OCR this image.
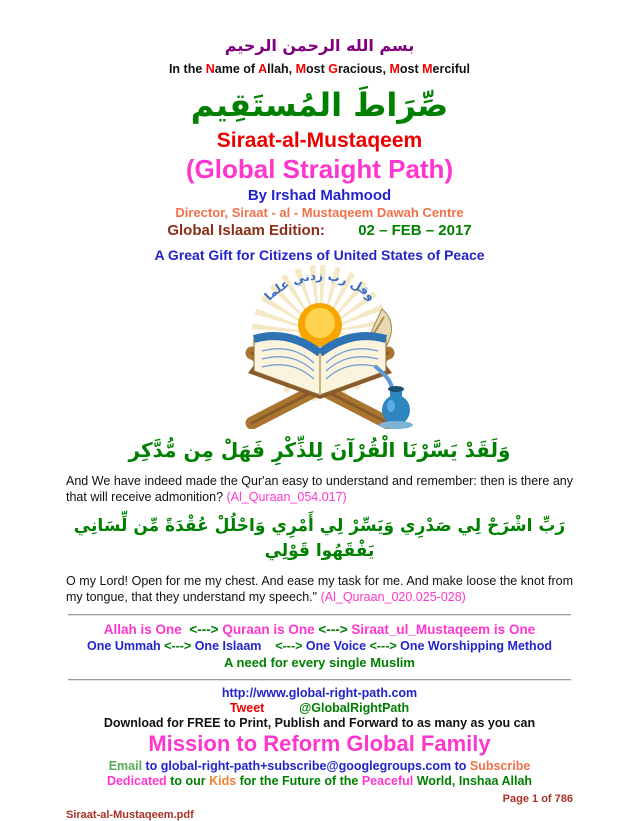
بسم الله الرحمن الرحيم
In the Name of Allah, Most Gracious, Most Merciful
صِّرَاطَ المُستَقِيم
Siraat-al-Mustaqeem
(Global Straight Path)
By Irshad Mahmood
Director, Siraat - al - Mustaqeem Dawah Centre
Global Islaam Edition: 02 – FEB – 2017
A Great Gift for Citizens of United States of Peace
وقل رب زدني علما
وَلَقَدْ يَسَّرْنَا الْقُرْآنَ لِلذِّكْرِ فَهَلْ مِن مُّدَّكِر

And We have indeed made the Qur'an easy to understand and remember: then is there any that will receive admonition? (Al_Quraan_054.017)

رَبِّ اشْرَحْ لِي صَدْرِي وَيَسِّرْ لِي أَمْرِي وَاحْلُلْ عُقْدَةً مِّن لِّسَانِي يَفْقَهُوا قَوْلِي

O my Lord! Open for me my chest. And ease my task for me. And make loose the knot from my tongue, that they understand my speech." (Al_Quraan_020.025-028)

Allah is One  <---> Quraan is One <---> Siraat_ul_Mustaqeem is One
One Ummah <---> One Islaam    <---> One Voice <---> One Worshipping Method
A need for every single Muslim
http://www.global-right-path.com
Tweet	@GlobalRightPath
Download for FREE to Print, Publish and Forward to as many as you can
Mission to Reform Global Family
Email to global-right-path+subscribe@googlegroups.com to Subscribe
Dedicated to our Kids for the Future of the Peaceful World, Inshaa Allah
Page 1 of 786
Siraat-al-Mustaqeem.pdf
